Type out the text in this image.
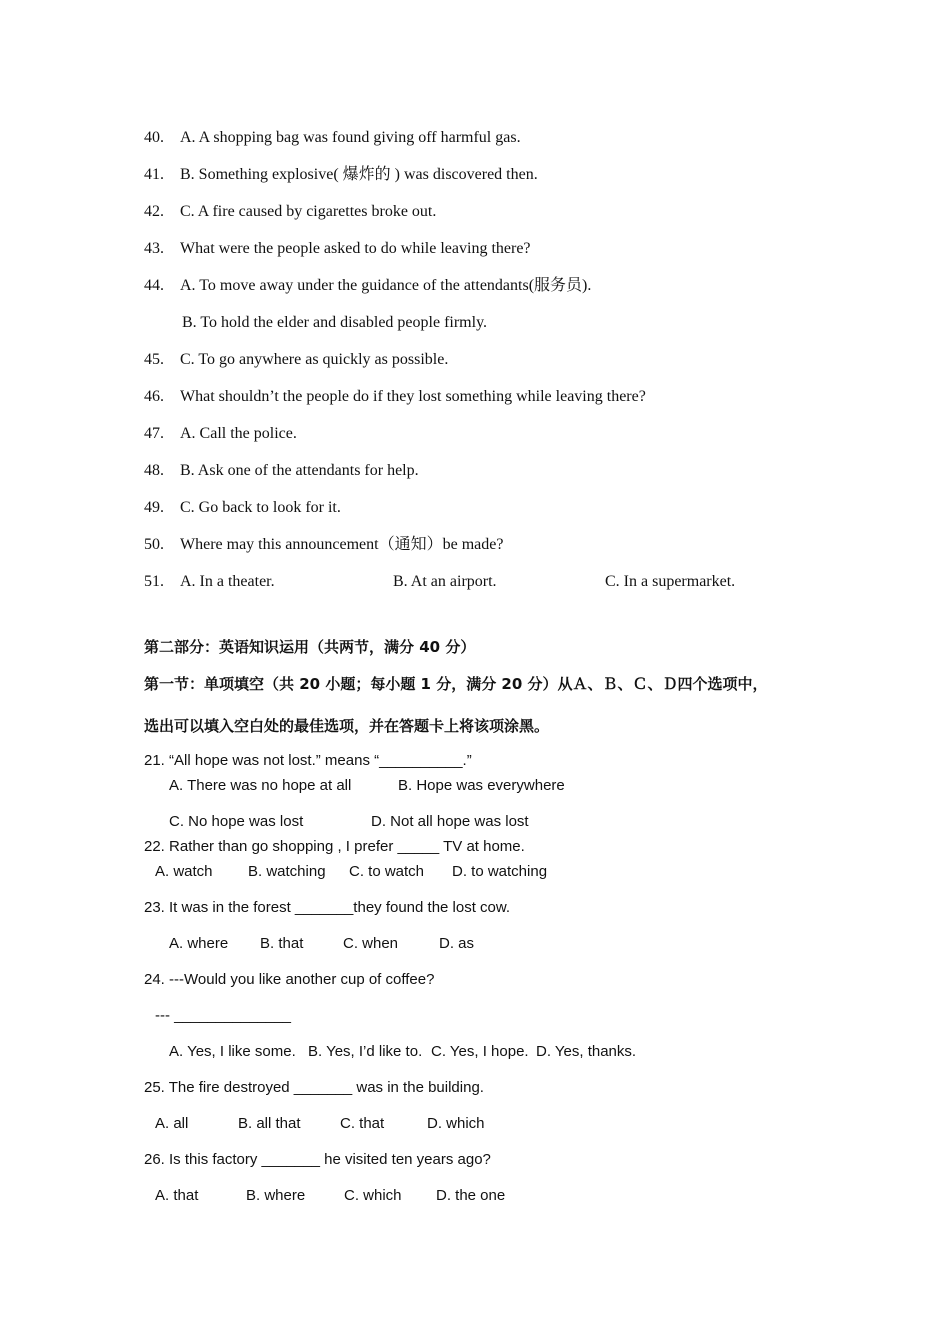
40. A. A shopping bag was found giving off harmful gas.
41. B. Something explosive( 爆炸的 ) was discovered then.
42. C. A fire caused by cigarettes broke out.
43. What were the people asked to do while leaving there?
44. A. To move away under the guidance of the attendants(服务员).
B. To hold the elder and disabled people firmly.
45. C. To go anywhere as quickly as possible.
46. What shouldn’t the people do if they lost something while leaving there?
47. A. Call the police.
48. B. Ask one of the attendants for help.
49. C. Go back to look for it.
50. Where may this announcement（通知）be made?
51. A. In a theater.	B. At an airport.	C. In a supermarket.
第二部分：英语知识运用（共两节，满分 40 分）
第一节：单项填空（共 20 小题；每小题 1 分，满分 20 分）从Ａ、Ｂ、Ｃ、Ｄ四个选项中，
选出可以填入空白处的最佳选项，并在答题卡上将该项涂黑。
21. “All hope was not lost.” means “__________.”
A. There was no hope at all	B. Hope was everywhere
C. No hope was lost	D. Not all hope was lost
22. Rather than go shopping , I prefer _____ TV at home.
A. watch B. watching C. to watch D. to watching
23. It was in the forest _______they found the lost cow.
A. where B. that	C. when	D. as
24. ---Would you like another cup of coffee?
--- ______________
A. Yes, I like some. B. Yes, I’d like to. C. Yes, I hope. D. Yes, thanks.
25. The fire destroyed _______ was in the building.
A. all	B. all that	C. that	D. which
26. Is this factory _______ he visited ten years ago?
A. that	B. where	C. which D. the one
